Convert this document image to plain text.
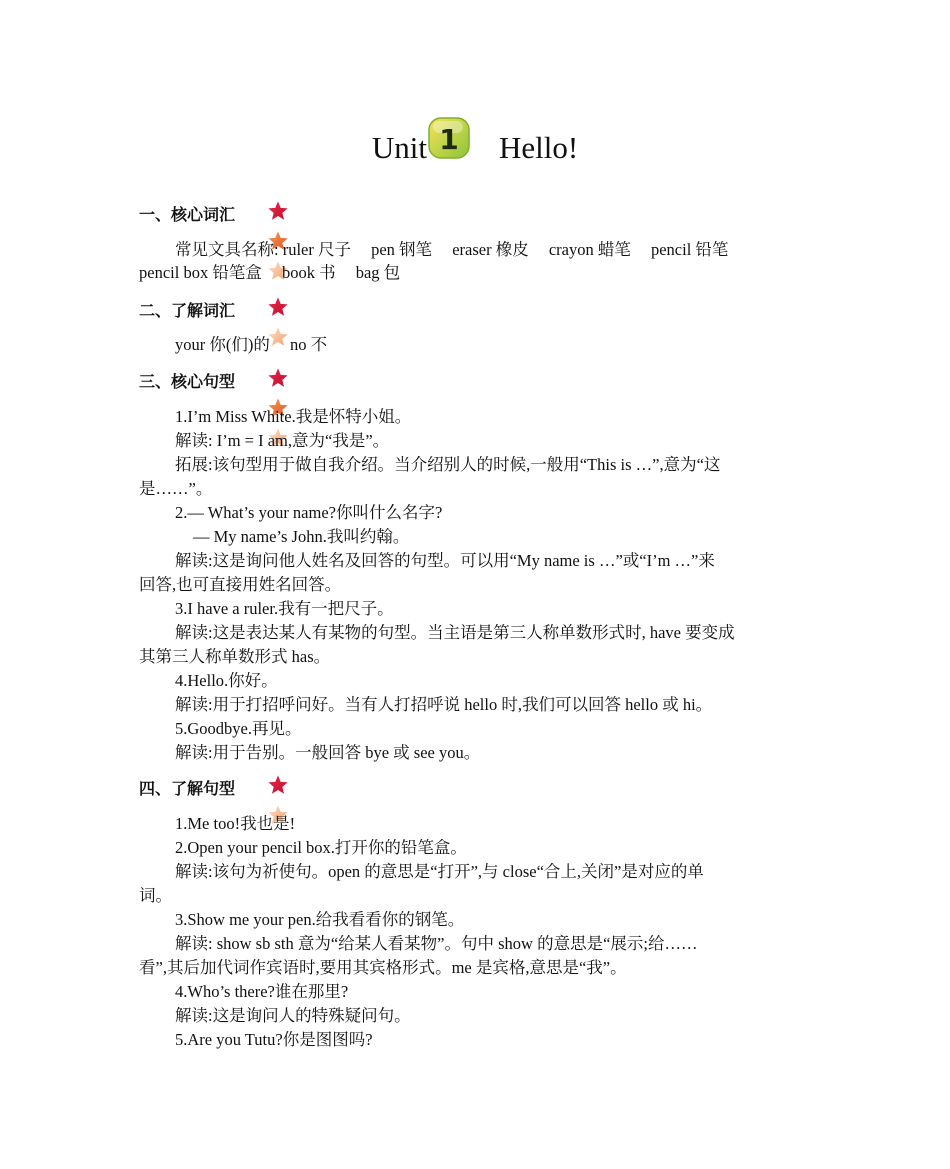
Unit 1 Hello!
一、核心词汇
常见文具名称: ruler 尺子 pen 钢笔 eraser 橡皮 crayon 蜡笔 pencil 铅笔
pencil box 铅笔盒 book 书 bag 包
二、了解词汇
your 你(们)的 no 不
三、核心句型
1.I’m Miss White.我是怀特小姐。
解读: I’m = I am,意为“我是”。
拓展:该句型用于做自我介绍。当介绍别人的时候,一般用“This is …”,意为“这
是……”。
2.— What’s your name?你叫什么名字?
— My name’s John.我叫约翰。
解读:这是询问他人姓名及回答的句型。可以用“My name is …”或“I’m …”来
回答,也可直接用姓名回答。
3.I have a ruler.我有一把尺子。
解读:这是表达某人有某物的句型。当主语是第三人称单数形式时, have 要变成
其第三人称单数形式 has。
4.Hello.你好。
解读:用于打招呼问好。当有人打招呼说 hello 时,我们可以回答 hello 或 hi。
5.Goodbye.再见。
解读:用于告别。一般回答 bye 或 see you。
四、了解句型
1.Me too!我也是!
2.Open your pencil box.打开你的铅笔盒。
解读:该句为祈使句。open 的意思是“打开”,与 close“合上,关闭”是对应的单
词。
3.Show me your pen.给我看看你的钢笔。
解读: show sb sth 意为“给某人看某物”。句中 show 的意思是“展示;给……
看”,其后加代词作宾语时,要用其宾格形式。me 是宾格,意思是“我”。
4.Who’s there?谁在那里?
解读:这是询问人的特殊疑问句。
5.Are you Tutu?你是图图吗?
